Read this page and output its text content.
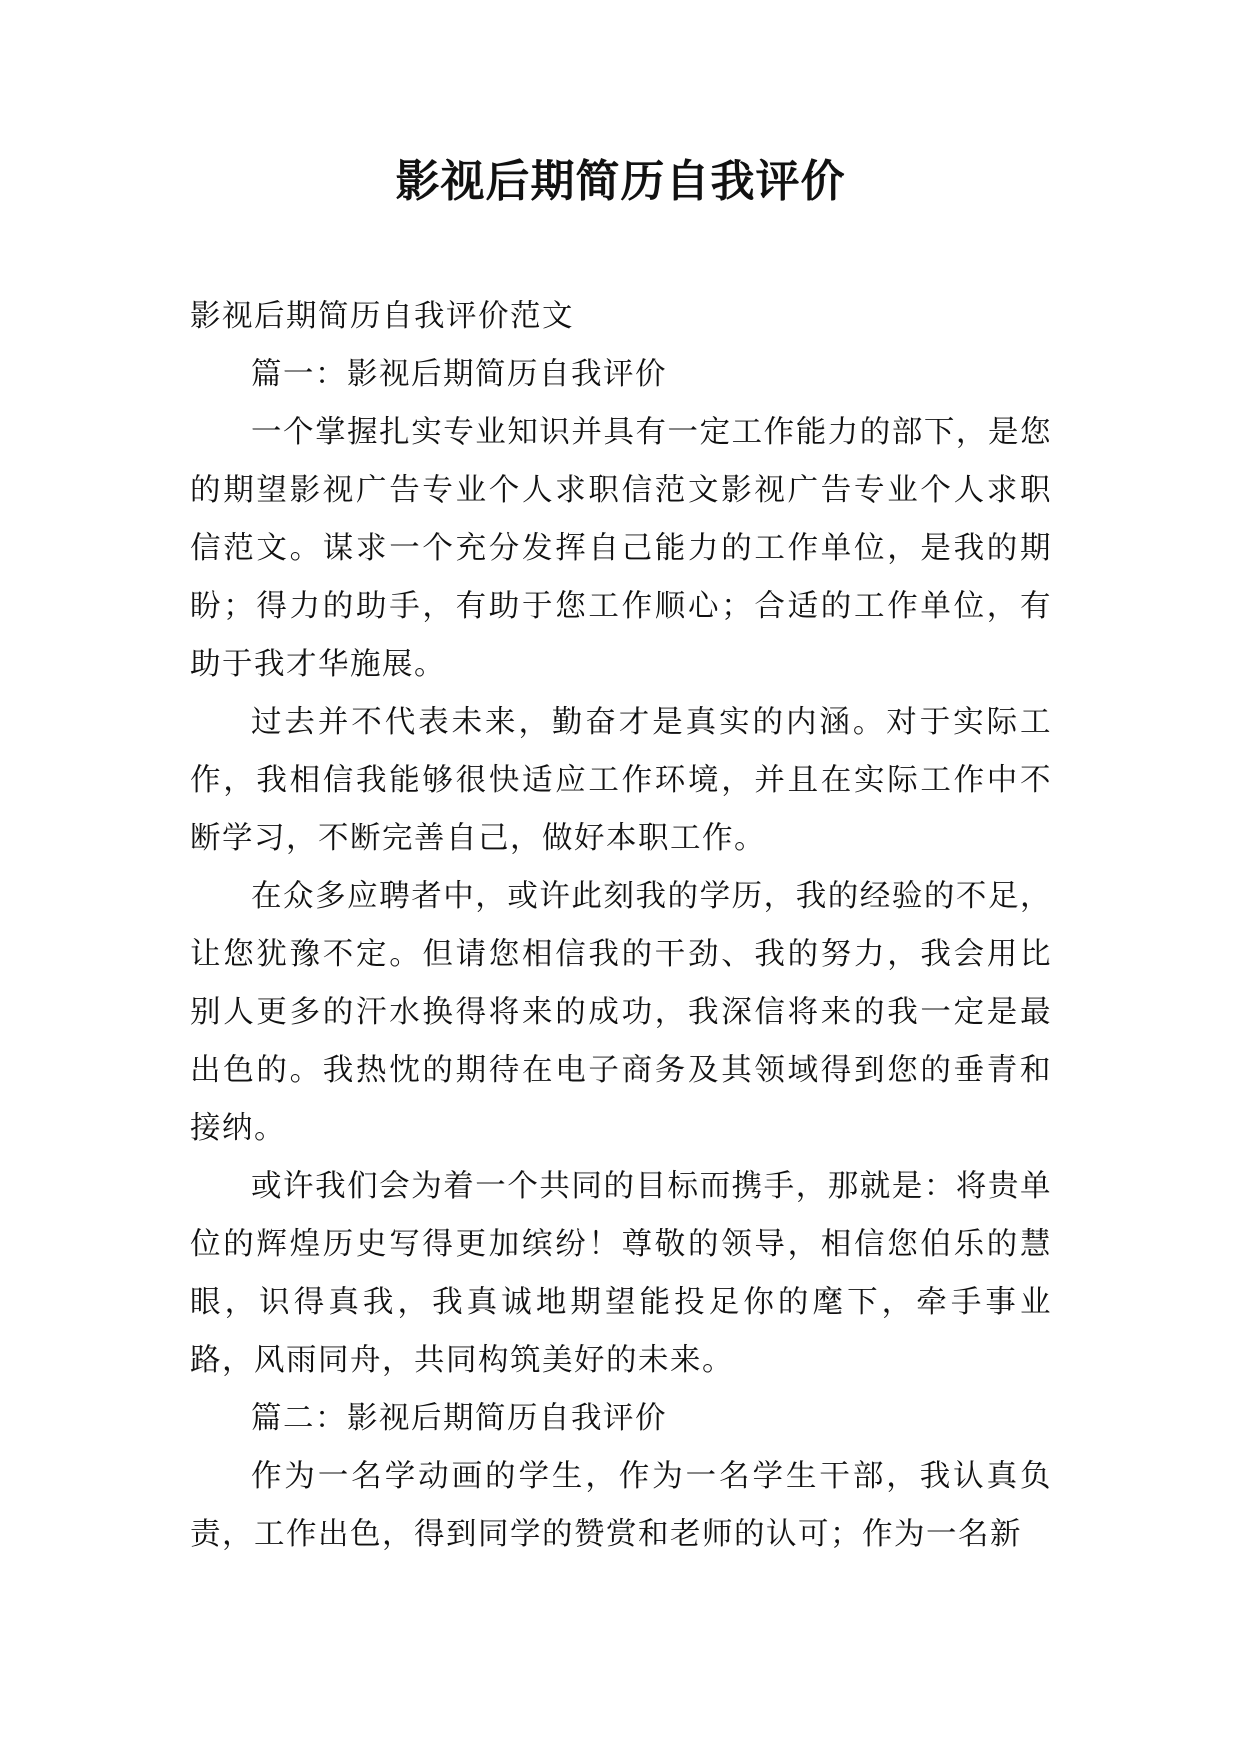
影视后期简历自我评价

影视后期简历自我评价范文

篇一：影视后期简历自我评价

一个掌握扎实专业知识并具有一定工作能力的部下，是您的期望影视广告专业个人求职信范文影视广告专业个人求职信范文。谋求一个充分发挥自己能力的工作单位，是我的期盼；得力的助手，有助于您工作顺心；合适的工作单位，有助于我才华施展。

过去并不代表未来，勤奋才是真实的内涵。对于实际工作，我相信我能够很快适应工作环境，并且在实际工作中不断学习，不断完善自己，做好本职工作。

在众多应聘者中，或许此刻我的学历，我的经验的不足，让您犹豫不定。但请您相信我的干劲、我的努力，我会用比别人更多的汗水换得将来的成功，我深信将来的我一定是最出色的。我热忱的期待在电子商务及其领域得到您的垂青和接纳。

或许我们会为着一个共同的目标而携手，那就是：将贵单位的辉煌历史写得更加缤纷！尊敬的领导，相信您伯乐的慧眼，识得真我，我真诚地期望能投足你的麾下，牵手事业路，风雨同舟，共同构筑美好的未来。

篇二：影视后期简历自我评价

作为一名学动画的学生，作为一名学生干部，我认真负责，工作出色，得到同学的赞赏和老师的认可；作为一名新
